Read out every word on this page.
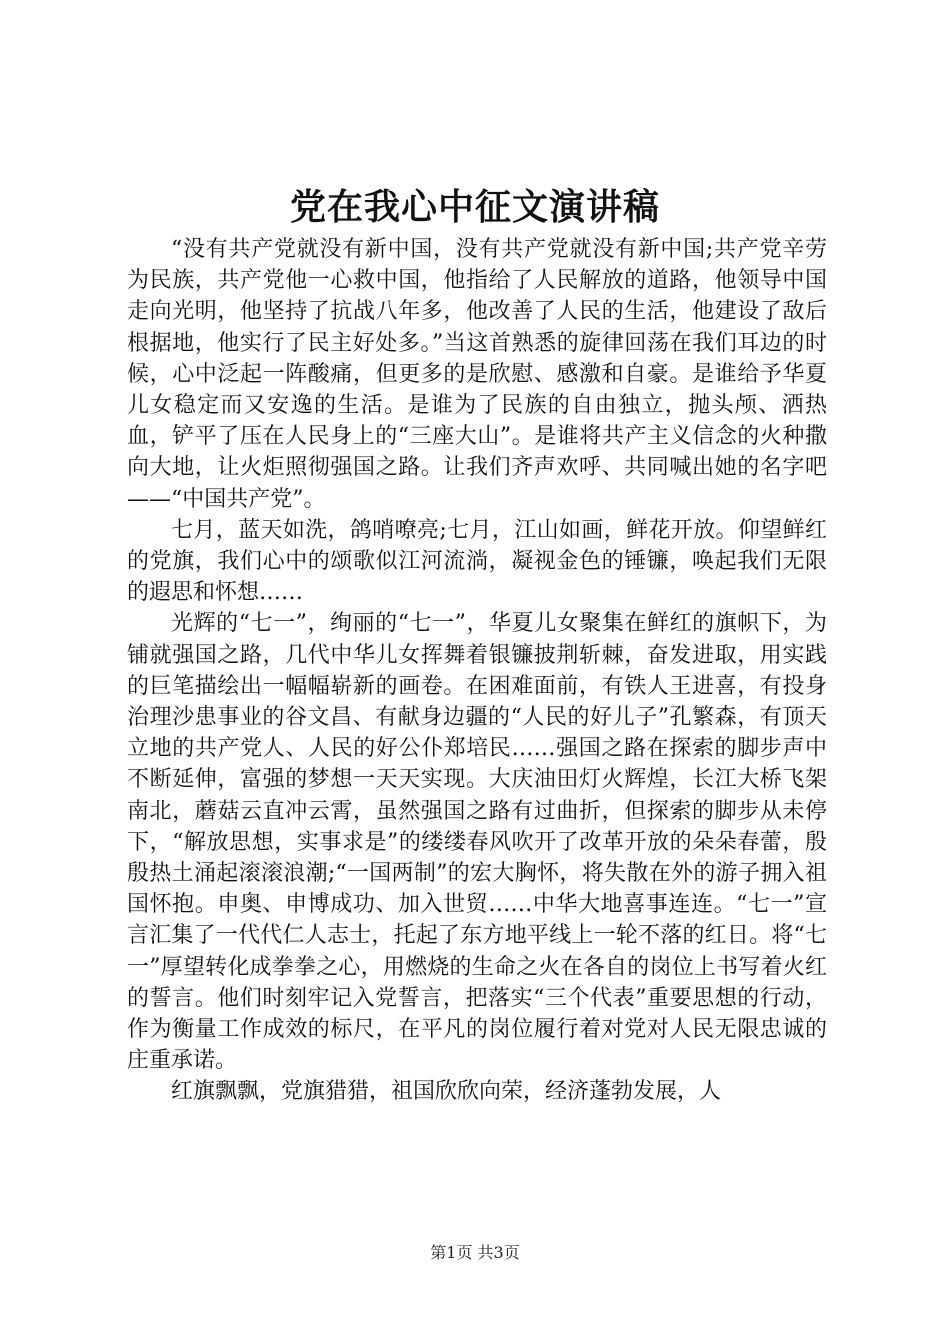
党在我心中征文演讲稿

“没有共产党就没有新中国，没有共产党就没有新中国;共产党辛劳为民族，共产党他一心救中国，他指给了人民解放的道路，他领导中国走向光明，他坚持了抗战八年多，他改善了人民的生活，他建设了敌后根据地，他实行了民主好处多。”当这首熟悉的旋律回荡在我们耳边的时候，心中泛起一阵酸痛，但更多的是欣慰、感激和自豪。是谁给予华夏儿女稳定而又安逸的生活。是谁为了民族的自由独立，抛头颅、洒热血，铲平了压在人民身上的“三座大山”。是谁将共产主义信念的火种撒向大地，让火炬照彻强国之路。让我们齐声欢呼、共同喊出她的名字吧——“中国共产党”。

七月，蓝天如洗，鸽哨嘹亮;七月，江山如画，鲜花开放。仰望鲜红的党旗，我们心中的颂歌似江河流淌，凝视金色的锤镰，唤起我们无限的遐思和怀想……

光辉的“七一”，绚丽的“七一”，华夏儿女聚集在鲜红的旗帜下，为铺就强国之路，几代中华儿女挥舞着银镰披荆斩棘，奋发进取，用实践的巨笔描绘出一幅幅崭新的画卷。在困难面前，有铁人王进喜，有投身治理沙患事业的谷文昌、有献身边疆的“人民的好儿子”孔繁森，有顶天立地的共产党人、人民的好公仆郑培民……强国之路在探索的脚步声中不断延伸，富强的梦想一天天实现。大庆油田灯火辉煌，长江大桥飞架南北，蘑菇云直冲云霄，虽然强国之路有过曲折，但探索的脚步从未停下，“解放思想，实事求是”的缕缕春风吹开了改革开放的朵朵春蕾，殷殷热土涌起滚滚浪潮;“一国两制”的宏大胸怀，将失散在外的游子拥入祖国怀抱。申奥、申博成功、加入世贸……中华大地喜事连连。“七一”宣言汇集了一代代仁人志士，托起了东方地平线上一轮不落的红日。将“七一”厚望转化成拳拳之心，用燃烧的生命之火在各自的岗位上书写着火红的誓言。他们时刻牢记入党誓言，把落实“三个代表”重要思想的行动，作为衡量工作成效的标尺，在平凡的岗位履行着对党对人民无限忠诚的庄重承诺。

红旗飘飘，党旗猎猎，祖国欣欣向荣，经济蓬勃发展，人

第1页 共3页
